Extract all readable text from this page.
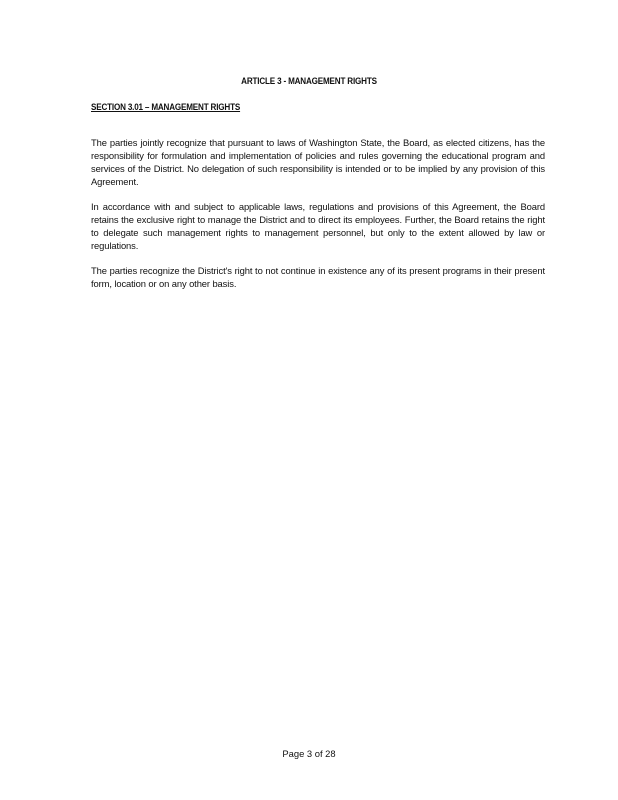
ARTICLE 3 - MANAGEMENT RIGHTS
SECTION 3.01 – MANAGEMENT RIGHTS

The parties jointly recognize that pursuant to laws of Washington State, the Board, as elected citizens, has the responsibility for formulation and implementation of policies and rules governing the educational program and services of the District. No delegation of such responsibility is intended or to be implied by any provision of this Agreement.

In accordance with and subject to applicable laws, regulations and provisions of this Agreement, the Board retains the exclusive right to manage the District and to direct its employees. Further, the Board retains the right to delegate such management rights to management personnel, but only to the extent allowed by law or regulations.

The parties recognize the District's right to not continue in existence any of its present programs in their present form, location or on any other basis.

Page 3 of 28
